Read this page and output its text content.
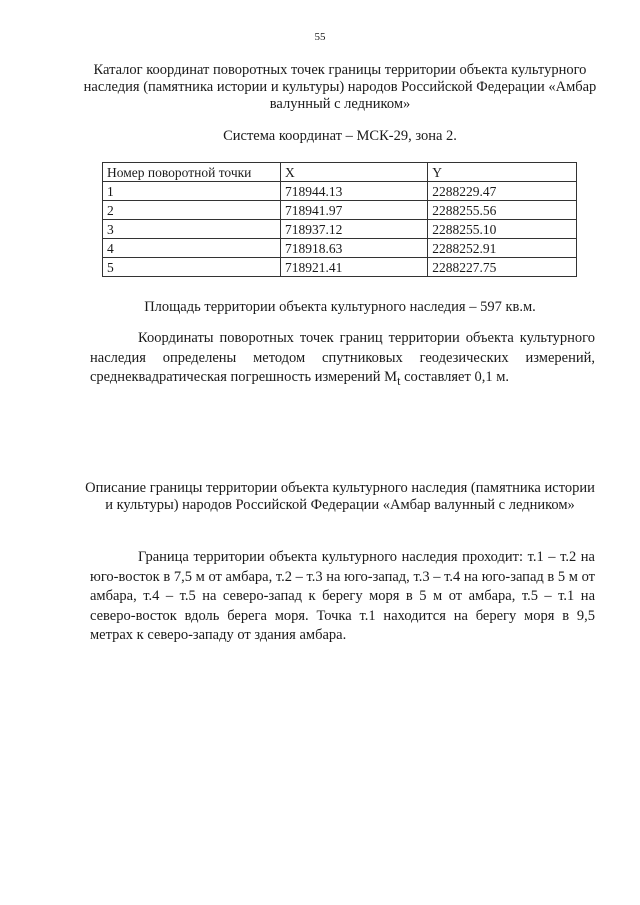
55
Каталог координат поворотных точек границы территории объекта культурного наследия (памятника истории и культуры) народов Российской Федерации «Амбар валунный с ледником»
Система координат – МСК-29, зона 2.
Номер поворотной точки	X	Y
1	718944.13	2288229.47
2	718941.97	2288255.56
3	718937.12	2288255.10
4	718918.63	2288252.91
5	718921.41	2288227.75
Площадь территории объекта культурного наследия – 597 кв.м.
Координаты поворотных точек границ территории объекта культурного наследия определены методом спутниковых геодезических измерений, среднеквадратическая погрешность измерений $M_t$ составляет 0,1 м.
Описание границы территории объекта культурного наследия (памятника истории и культуры) народов Российской Федерации «Амбар валунный с ледником»
Граница территории объекта культурного наследия проходит: т.1 – т.2 на юго-восток в 7,5 м от амбара, т.2 – т.3 на юго-запад, т.3 – т.4 на юго-запад в 5 м от амбара, т.4 – т.5 на северо-запад к берегу моря в 5 м от амбара, т.5 – т.1 на северо-восток вдоль берега моря. Точка т.1 находится на берегу моря в 9,5 метрах к северо-западу от здания амбара.
